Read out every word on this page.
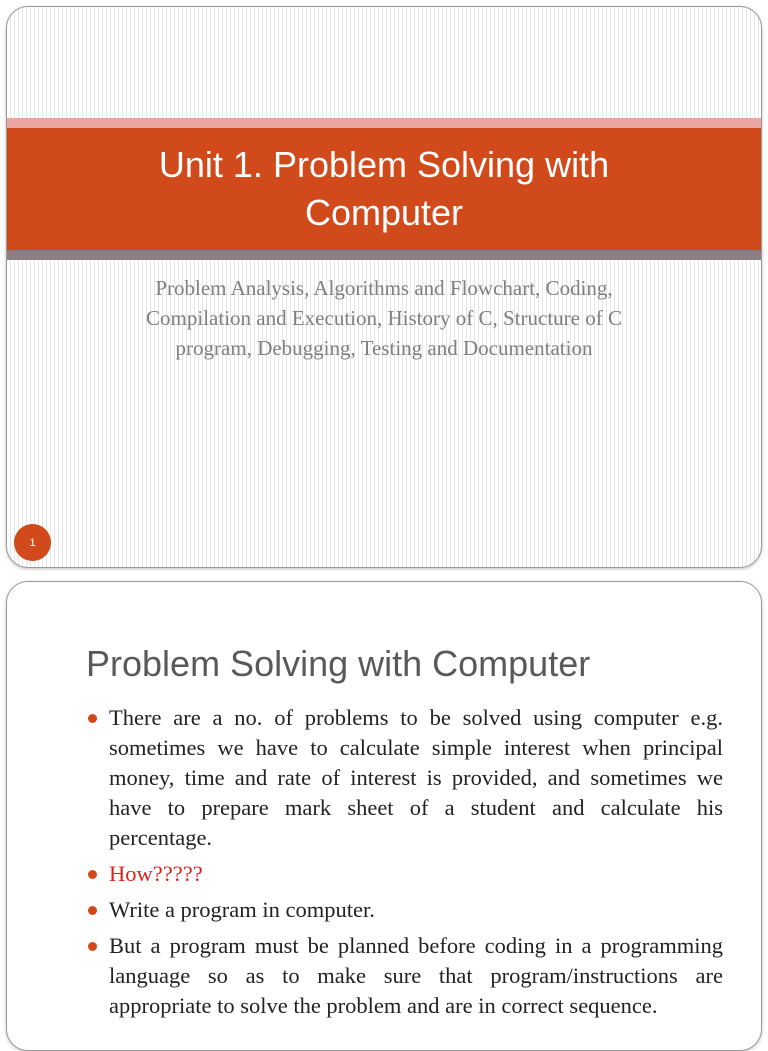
Unit 1. Problem Solving with Computer
Problem Analysis, Algorithms and Flowchart, Coding, Compilation and Execution, History of C, Structure of C program, Debugging, Testing and Documentation
1
Problem Solving with Computer
There are a no. of problems to be solved using computer e.g. sometimes we have to calculate simple interest when principal money, time and rate of interest is provided, and sometimes we have to prepare mark sheet of a student and calculate his percentage.
How?????
Write a program in computer.
But a program must be planned before coding in a programming language so as to make sure that program/instructions are appropriate to solve the problem and are in correct sequence.
